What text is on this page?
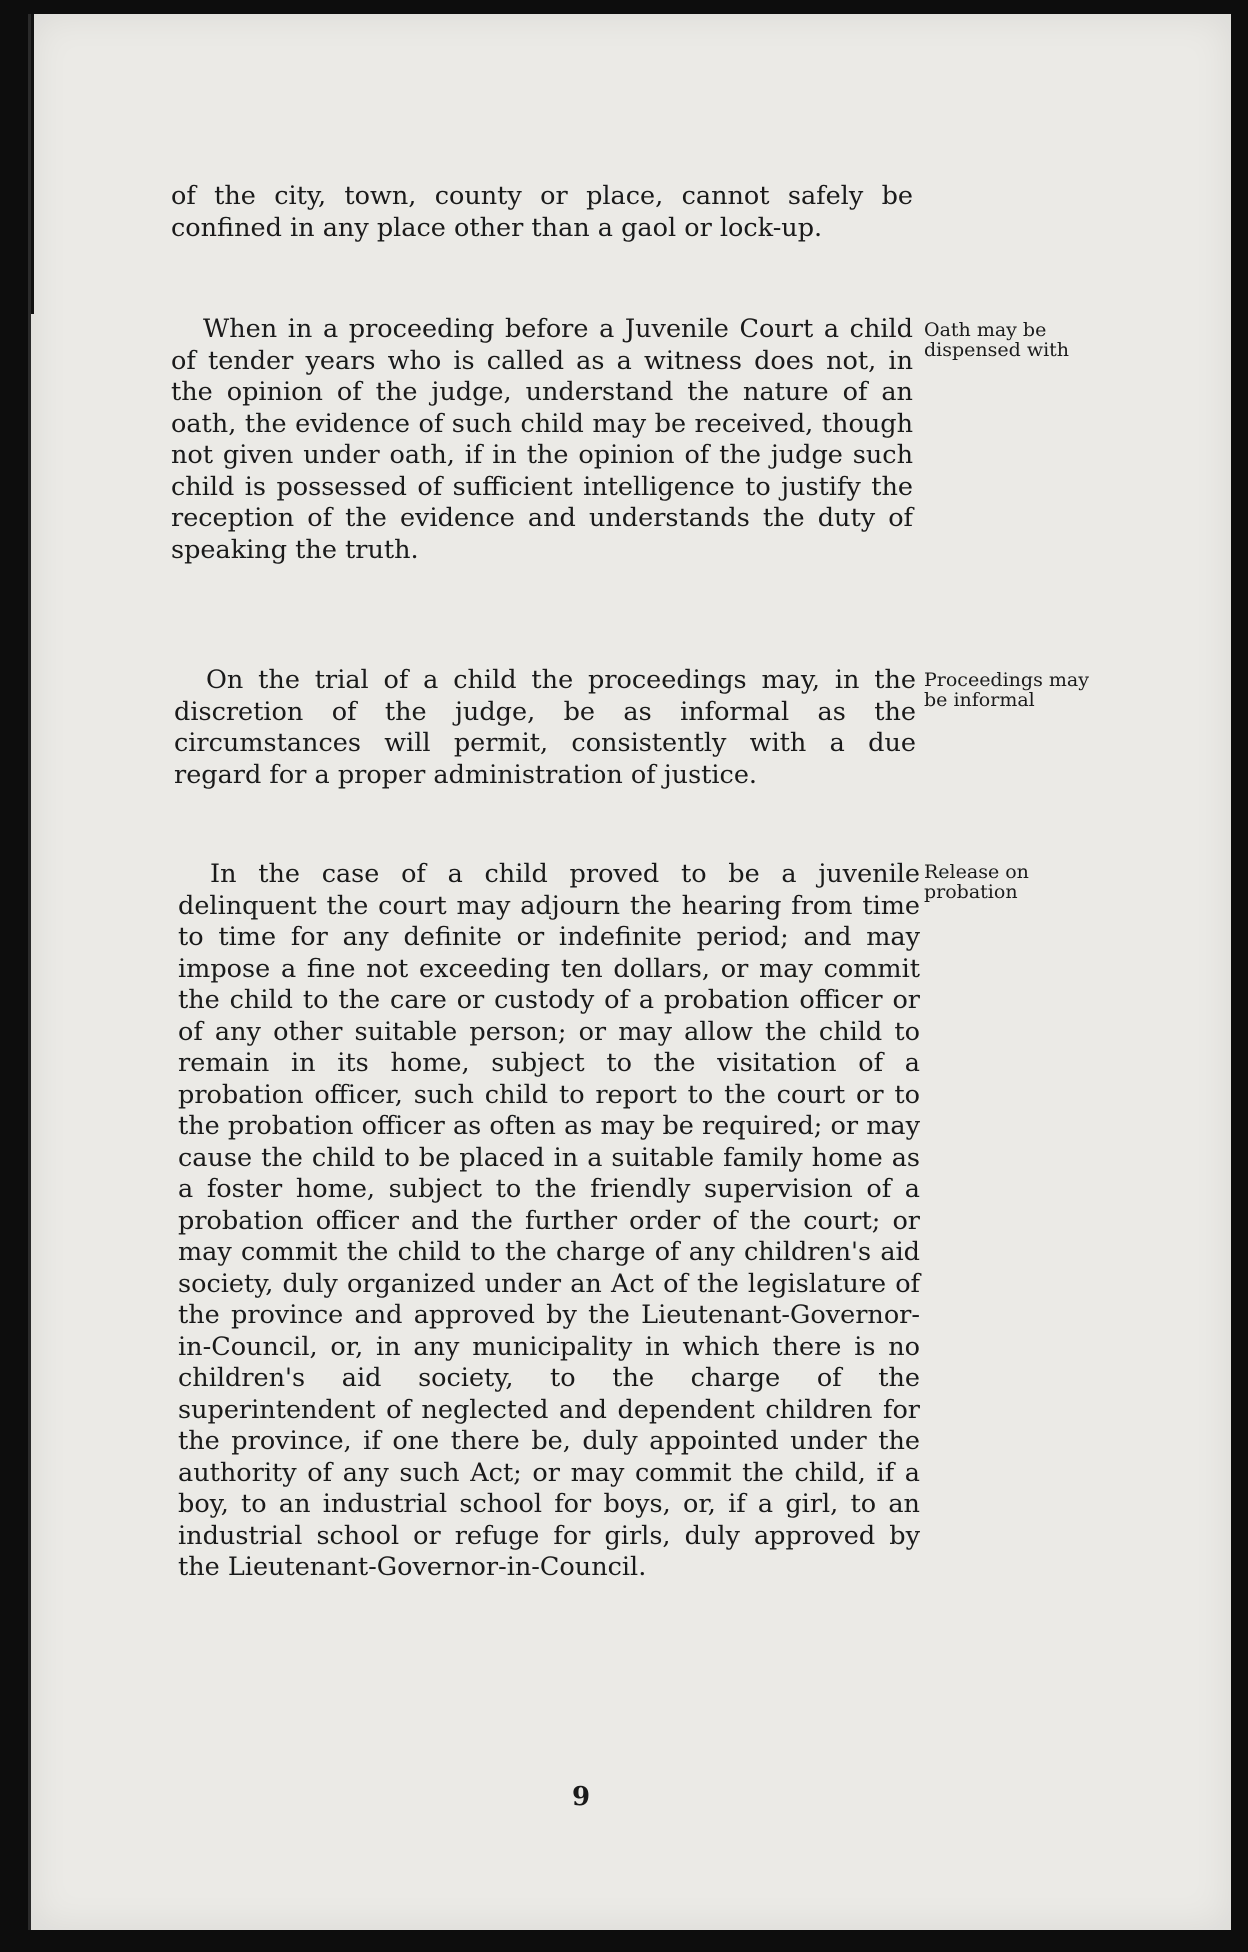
of the city, town, county or place, cannot safely be confined in any place other than a gaol or lock-up.

When in a proceeding before a Juvenile Court a child of tender years who is called as a witness does not, in the opinion of the judge, understand the nature of an oath, the evidence of such child may be received, though not given under oath, if in the opinion of the judge such child is possessed of sufficient intelligence to justify the reception of the evidence and understands the duty of speaking the truth.

Oath may be dispensed with

On the trial of a child the proceedings may, in the discretion of the judge, be as informal as the circumstances will permit, consistently with a due regard for a proper administration of justice.

Proceedings may be informal

In the case of a child proved to be a juvenile delinquent the court may adjourn the hearing from time to time for any definite or indefinite period; and may impose a fine not exceeding ten dollars, or may commit the child to the care or custody of a probation officer or of any other suitable person; or may allow the child to remain in its home, subject to the visitation of a probation officer, such child to report to the court or to the probation officer as often as may be required; or may cause the child to be placed in a suitable family home as a foster home, subject to the friendly supervision of a probation officer and the further order of the court; or may commit the child to the charge of any children's aid society, duly organized under an Act of the legislature of the province and approved by the Lieutenant-Governor-in-Council, or, in any municipality in which there is no children's aid society, to the charge of the superintendent of neglected and dependent children for the province, if one there be, duly appointed under the authority of any such Act; or may commit the child, if a boy, to an industrial school for boys, or, if a girl, to an industrial school or refuge for girls, duly approved by the Lieutenant-Governor-in-Council.

Release on probation

9
